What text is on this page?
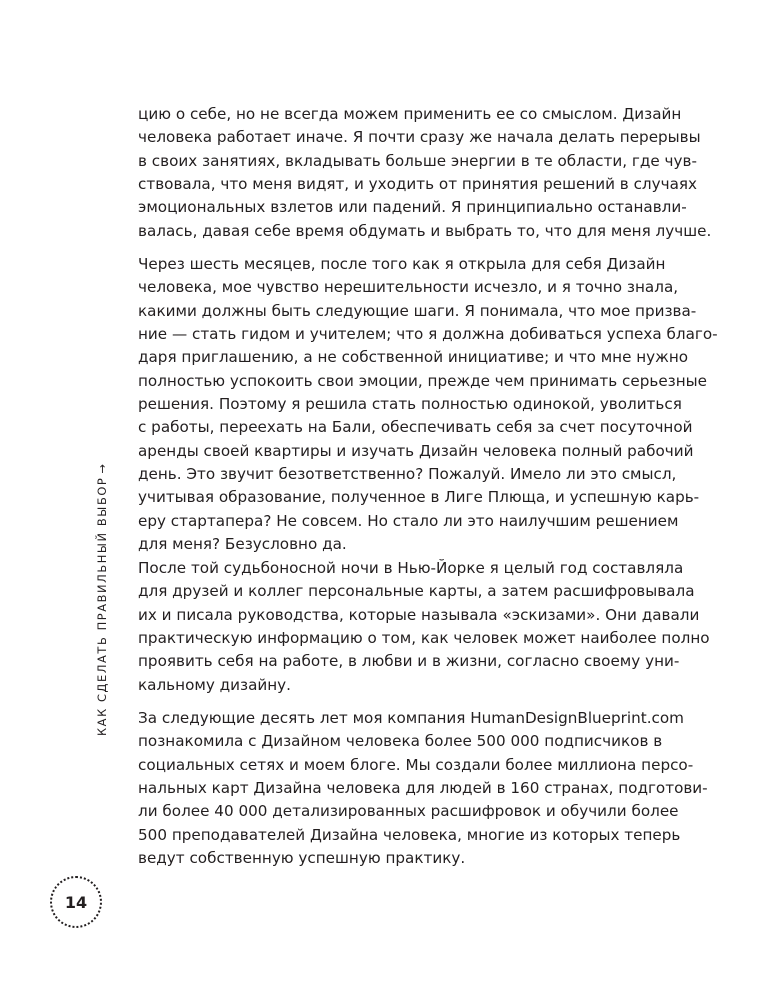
цию о себе, но не всегда можем применить ее со смыслом. Дизайн
человека работает иначе. Я почти сразу же начала делать перерывы
в своих занятиях, вкладывать больше энергии в те области, где чув-
ствовала, что меня видят, и уходить от принятия решений в случаях
эмоциональных взлетов или падений. Я принципиально останавли-
валась, давая себе время обдумать и выбрать то, что для меня лучше.
Через шесть месяцев, после того как я открыла для себя Дизайн
человека, мое чувство нерешительности исчезло, и я точно знала,
какими должны быть следующие шаги. Я понимала, что мое призва-
ние — стать гидом и учителем; что я должна добиваться успеха благо-
даря приглашению, а не собственной инициативе; и что мне нужно
полностью успокоить свои эмоции, прежде чем принимать серьезные
решения. Поэтому я решила стать полностью одинокой, уволиться
с работы, переехать на Бали, обеспечивать себя за счет посуточной
аренды своей квартиры и изучать Дизайн человека полный рабочий
день. Это звучит безответственно? Пожалуй. Имело ли это смысл,
учитывая образование, полученное в Лиге Плюща, и успешную карь-
еру стартапера? Не совсем. Но стало ли это наилучшим решением
для меня? Безусловно да.
После той судьбоносной ночи в Нью-Йорке я целый год составляла
для друзей и коллег персональные карты, а затем расшифровывала
их и писала руководства, которые называла «эскизами». Они давали
практическую информацию о том, как человек может наиболее полно
проявить себя на работе, в любви и в жизни, согласно своему уни-
кальному дизайну.
За следующие десять лет моя компания HumanDesignBlueprint.com
познакомила с Дизайном человека более 500 000 подписчиков в
социальных сетях и моем блоге. Мы создали более миллиона персо-
нальных карт Дизайна человека для людей в 160 странах, подготови-
ли более 40 000 детализированных расшифровок и обучили более
500 преподавателей Дизайна человека, многие из которых теперь
ведут собственную успешную практику.
КАК СДЕЛАТЬ ПРАВИЛЬНЫЙ ВЫБОР→
14
